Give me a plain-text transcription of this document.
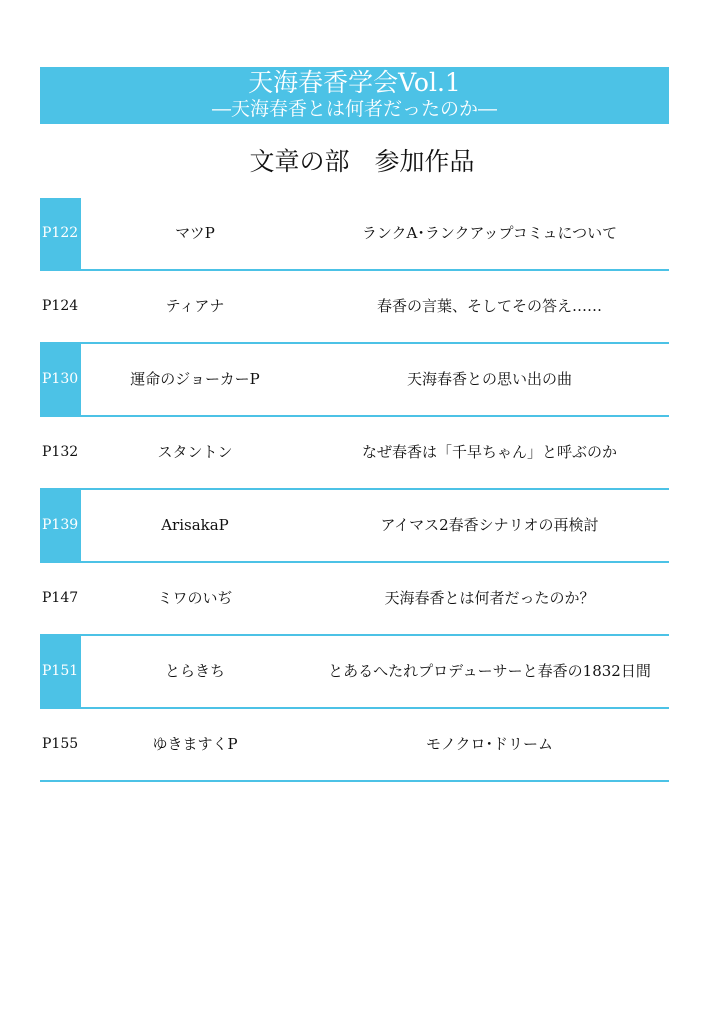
天海春香学会Vol.1
―天海春香とは何者だったのか―
文章の部　参加作品
P122	マツP	ランクA･ランクアップコミュについて
P124	ティアナ	春香の言葉、そしてその答え……
P130	運命のジョーカーP	天海春香との思い出の曲
P132	スタントン	なぜ春香は「千早ちゃん」と呼ぶのか
P139	ArisakaP	アイマス2春香シナリオの再検討
P147	ミワのいぢ	天海春香とは何者だったのか？
P151	とらきち	とあるへたれプロデューサーと春香の1832日間
P155	ゆきますくP	モノクロ･ドリーム
